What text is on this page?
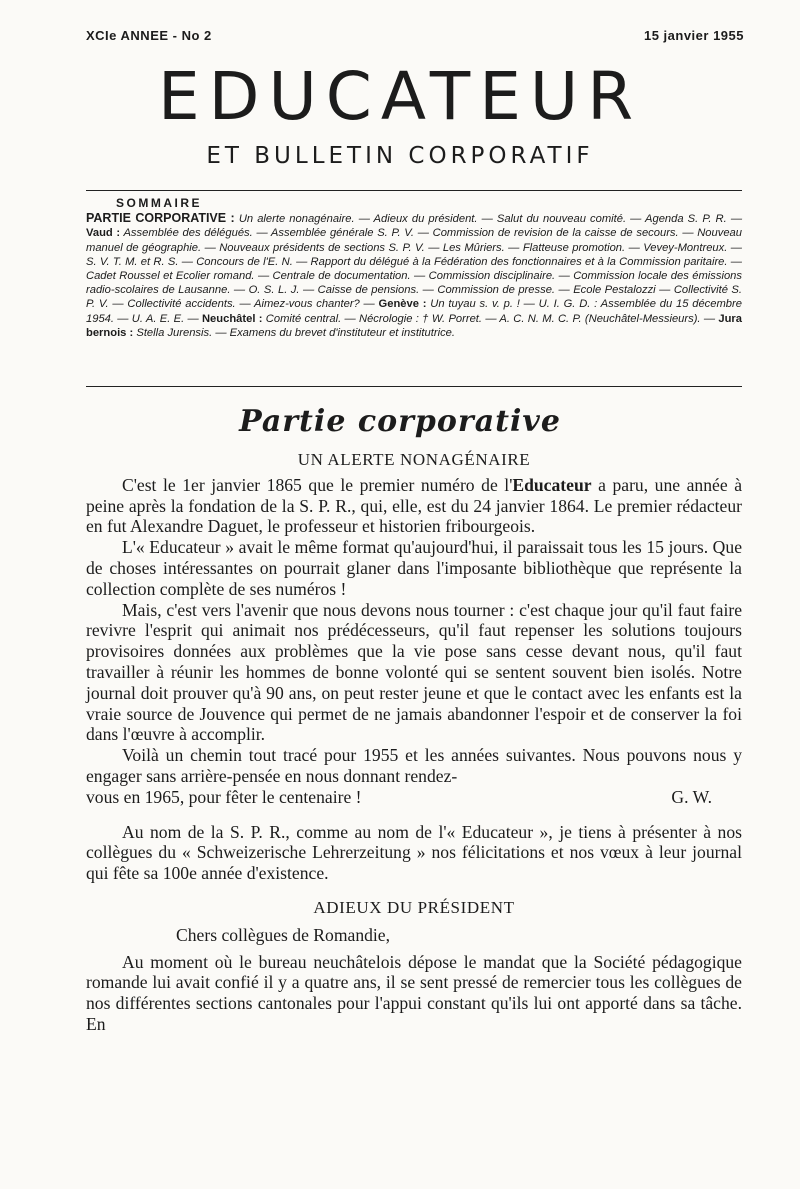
XCIe ANNEE - No 2	15 janvier 1955
EDUCATEUR
ET BULLETIN CORPORATIF
SOMMAIRE

PARTIE CORPORATIVE : Un alerte nonagénaire. — Adieux du président. — Salut du nouveau comité. — Agenda S. P. R. — Vaud : Assemblée des délégués. — Assemblée générale S. P. V. — Commission de revision de la caisse de secours. — Nouveau manuel de géographie. — Nouveaux présidents de sections S. P. V. — Les Mûriers. — Flatteuse promotion. — Vevey-Montreux. — S. V. T. M. et R. S. — Concours de l'E. N. — Rapport du délégué à la Fédération des fonctionnaires et à la Commission paritaire. — Cadet Roussel et Ecolier romand. — Centrale de documentation. — Commission disciplinaire. — Commission locale des émissions radio-scolaires de Lausanne. — O. S. L. J. — Caisse de pensions. — Commission de presse. — Ecole Pestalozzi — Collectivité S. P. V. — Collectivité accidents. — Aimez-vous chanter? — Genève : Un tuyau s. v. p. ! — U. I. G. D. : Assemblée du 15 décembre 1954. — U. A. E. E. — Neuchâtel : Comité central. — Nécrologie : † W. Porret. — A. C. N. M. C. P. (Neuchâtel-Messieurs). — Jura bernois : Stella Jurensis. — Examens du brevet d'instituteur et institutrice.

Partie corporative
UN ALERTE NONAGÉNAIRE

C'est le 1er janvier 1865 que le premier numéro de l'Educateur a paru, une année à peine après la fondation de la S. P. R., qui, elle, est du 24 janvier 1864. Le premier rédacteur en fut Alexandre Daguet, le professeur et historien fribourgeois.

L'« Educateur » avait le même format qu'aujourd'hui, il paraissait tous les 15 jours. Que de choses intéressantes on pourrait glaner dans l'imposante bibliothèque que représente la collection complète de ses numéros !

Mais, c'est vers l'avenir que nous devons nous tourner : c'est chaque jour qu'il faut faire revivre l'esprit qui animait nos prédécesseurs, qu'il faut repenser les solutions toujours provisoires données aux problèmes que la vie pose sans cesse devant nous, qu'il faut travailler à réunir les hommes de bonne volonté qui se sentent souvent bien isolés. Notre journal doit prouver qu'à 90 ans, on peut rester jeune et que le contact avec les enfants est la vraie source de Jouvence qui permet de ne jamais abandonner l'espoir et de conserver la foi dans l'œuvre à accomplir.

Voilà un chemin tout tracé pour 1955 et les années suivantes. Nous pouvons nous y engager sans arrière-pensée en nous donnant rendez-

vous en 1965, pour fêter le centenaire !	G. W.

Au nom de la S. P. R., comme au nom de l'« Educateur », je tiens à présenter à nos collègues du « Schweizerische Lehrerzeitung » nos félicitations et nos vœux à leur journal qui fête sa 100e année d'existence.

ADIEUX DU PRÉSIDENT

Chers collègues de Romandie,

Au moment où le bureau neuchâtelois dépose le mandat que la Société pédagogique romande lui avait confié il y a quatre ans, il se sent pressé de remercier tous les collègues de nos différentes sections cantonales pour l'appui constant qu'ils lui ont apporté dans sa tâche. En
